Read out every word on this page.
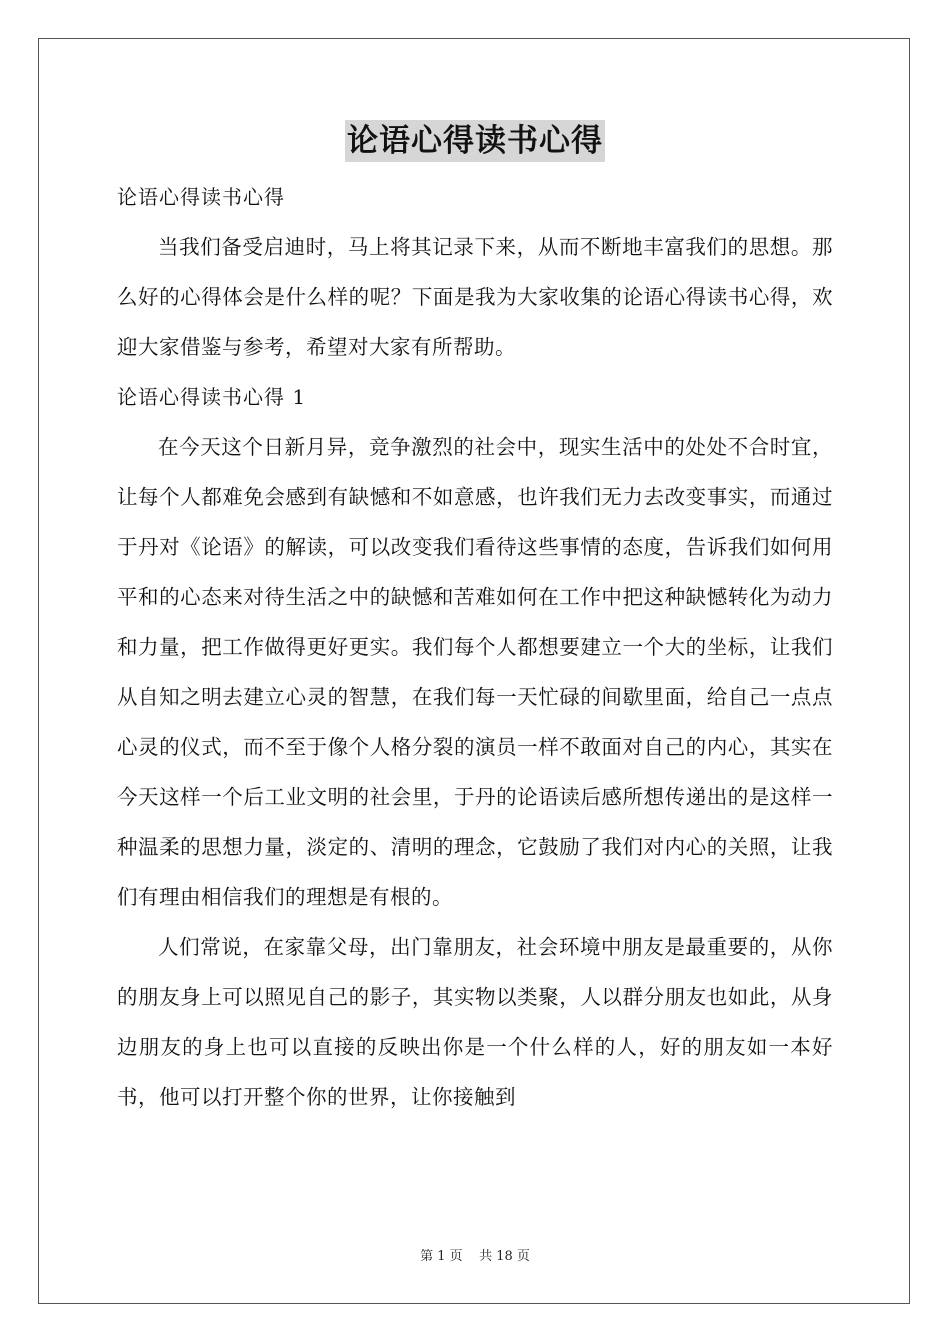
论语心得读书心得
论语心得读书心得

当我们备受启迪时，马上将其记录下来，从而不断地丰富我们的思想。那么好的心得体会是什么样的呢？下面是我为大家收集的论语心得读书心得，欢迎大家借鉴与参考，希望对大家有所帮助。

论语心得读书心得 1

在今天这个日新月异，竞争激烈的社会中，现实生活中的处处不合时宜，让每个人都难免会感到有缺憾和不如意感，也许我们无力去改变事实，而通过于丹对《论语》的解读，可以改变我们看待这些事情的态度，告诉我们如何用平和的心态来对待生活之中的缺憾和苦难如何在工作中把这种缺憾转化为动力和力量，把工作做得更好更实。我们每个人都想要建立一个大的坐标，让我们从自知之明去建立心灵的智慧，在我们每一天忙碌的间歇里面，给自己一点点心灵的仪式，而不至于像个人格分裂的演员一样不敢面对自己的内心，其实在今天这样一个后工业文明的社会里，于丹的论语读后感所想传递出的是这样一种温柔的思想力量，淡定的、清明的理念，它鼓励了我们对内心的关照，让我们有理由相信我们的理想是有根的。

人们常说，在家靠父母，出门靠朋友，社会环境中朋友是最重要的，从你的朋友身上可以照见自己的影子，其实物以类聚，人以群分朋友也如此，从身边朋友的身上也可以直接的反映出你是一个什么样的人，好的朋友如一本好书，他可以打开整个你的世界，让你接触到

第 1 页    共 18 页
